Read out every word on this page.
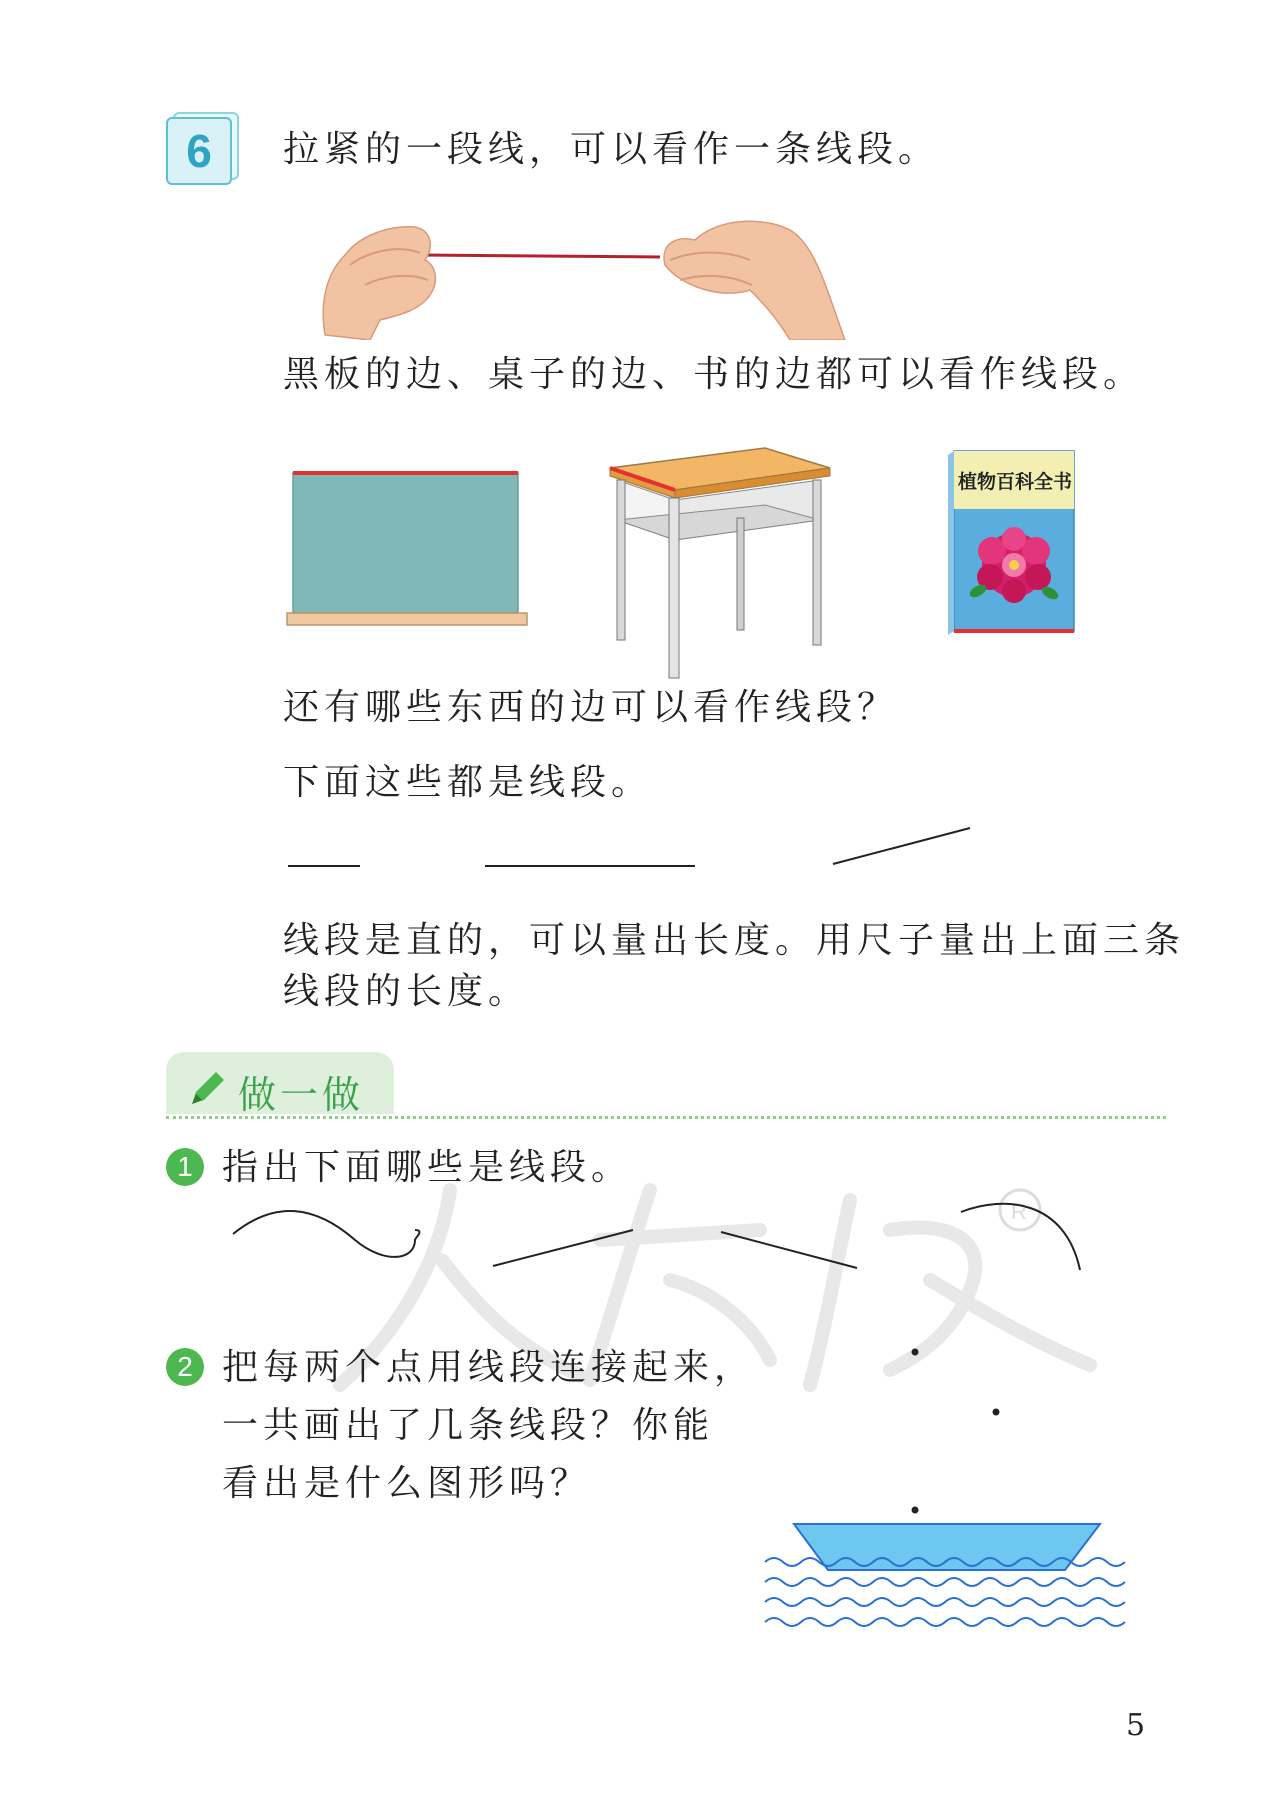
6	拉紧的一段线，可以看作一条线段。
黑板的边、桌子的边、书的边都可以看作线段。
植物百科全书
还有哪些东西的边可以看作线段？
下面这些都是线段。
线段是直的，可以量出长度。用尺子量出上面三条
线段的长度。
做一做
1 指出下面哪些是线段。
R
2 把每两个点用线段连接起来，
一共画出了几条线段？你能
看出是什么图形吗？
5
